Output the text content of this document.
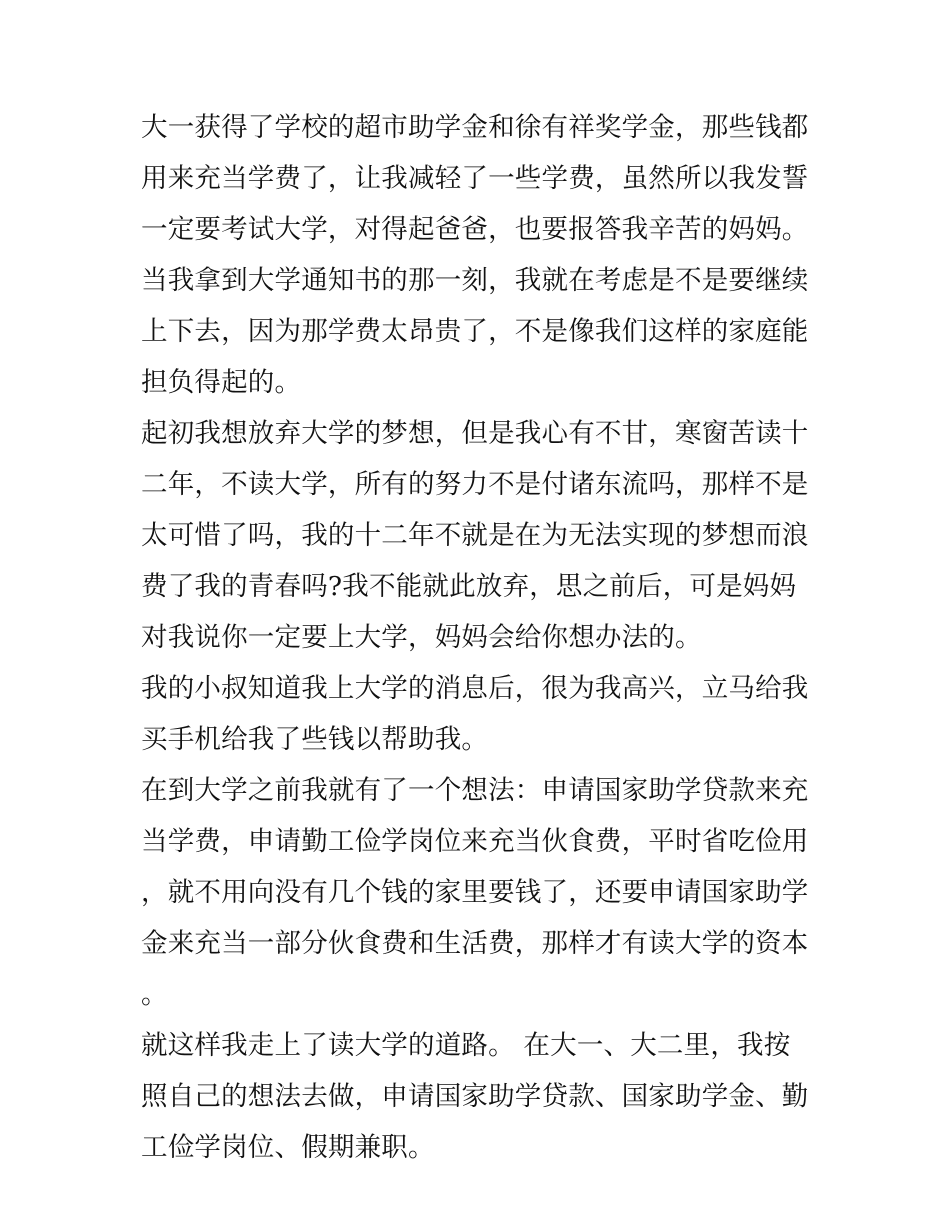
大一获得了学校的超市助学金和徐有祥奖学金，那些钱都用来充当学费了，让我减轻了一些学费，虽然所以我发誓一定要考试大学，对得起爸爸，也要报答我辛苦的妈妈。

当我拿到大学通知书的那一刻，我就在考虑是不是要继续上下去，因为那学费太昂贵了，不是像我们这样的家庭能担负得起的。

起初我想放弃大学的梦想，但是我心有不甘，寒窗苦读十二年，不读大学，所有的努力不是付诸东流吗，那样不是太可惜了吗，我的十二年不就是在为无法实现的梦想而浪费了我的青春吗?我不能就此放弃，思之前后，可是妈妈对我说你一定要上大学，妈妈会给你想办法的。

我的小叔知道我上大学的消息后，很为我高兴，立马给我买手机给我了些钱以帮助我。

在到大学之前我就有了一个想法：申请国家助学贷款来充当学费，申请勤工俭学岗位来充当伙食费，平时省吃俭用，就不用向没有几个钱的家里要钱了，还要申请国家助学金来充当一部分伙食费和生活费，那样才有读大学的资本。

就这样我走上了读大学的道路。 在大一、大二里，我按照自己的想法去做，申请国家助学贷款、国家助学金、勤工俭学岗位、假期兼职。
